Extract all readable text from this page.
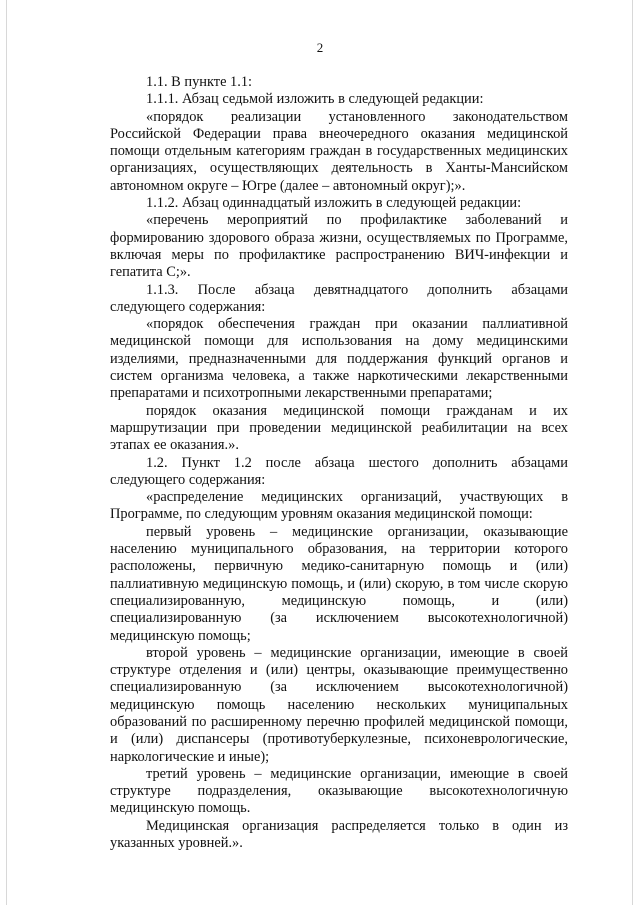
2

1.1. В пункте 1.1:

1.1.1. Абзац седьмой изложить в следующей редакции:

«порядок реализации установленного законодательством Российской Федерации права внеочередного оказания медицинской помощи отдельным категориям граждан в государственных медицинских организациях, осуществляющих деятельность в Ханты-Мансийском автономном округе – Югре (далее – автономный округ);».

1.1.2. Абзац одиннадцатый изложить в следующей редакции:

«перечень мероприятий по профилактике заболеваний и формированию здорового образа жизни, осуществляемых по Программе, включая меры по профилактике распространению ВИЧ-инфекции и гепатита С;».

1.1.3. После абзаца девятнадцатого дополнить абзацами следующего содержания:

«порядок обеспечения граждан при оказании паллиативной медицинской помощи для использования на дому медицинскими изделиями, предназначенными для поддержания функций органов и систем организма человека, а также наркотическими лекарственными препаратами и психотропными лекарственными препаратами;

порядок оказания медицинской помощи гражданам и их маршрутизации при проведении медицинской реабилитации на всех этапах ее оказания.».

1.2. Пункт 1.2 после абзаца шестого дополнить абзацами следующего содержания:

«распределение медицинских организаций, участвующих в Программе, по следующим уровням оказания медицинской помощи:

первый уровень – медицинские организации, оказывающие населению муниципального образования, на территории которого расположены, первичную медико-санитарную помощь и (или) паллиативную медицинскую помощь, и (или) скорую, в том числе скорую специализированную, медицинскую помощь, и (или) специализированную (за исключением высокотехнологичной) медицинскую помощь;

второй уровень – медицинские организации, имеющие в своей структуре отделения и (или) центры, оказывающие преимущественно специализированную (за исключением высокотехнологичной) медицинскую помощь населению нескольких муниципальных образований по расширенному перечню профилей медицинской помощи, и (или) диспансеры (противотуберкулезные, психоневрологические, наркологические и иные);

третий уровень – медицинские организации, имеющие в своей структуре подразделения, оказывающие высокотехнологичную медицинскую помощь.

Медицинская организация распределяется только в один из указанных уровней.».
